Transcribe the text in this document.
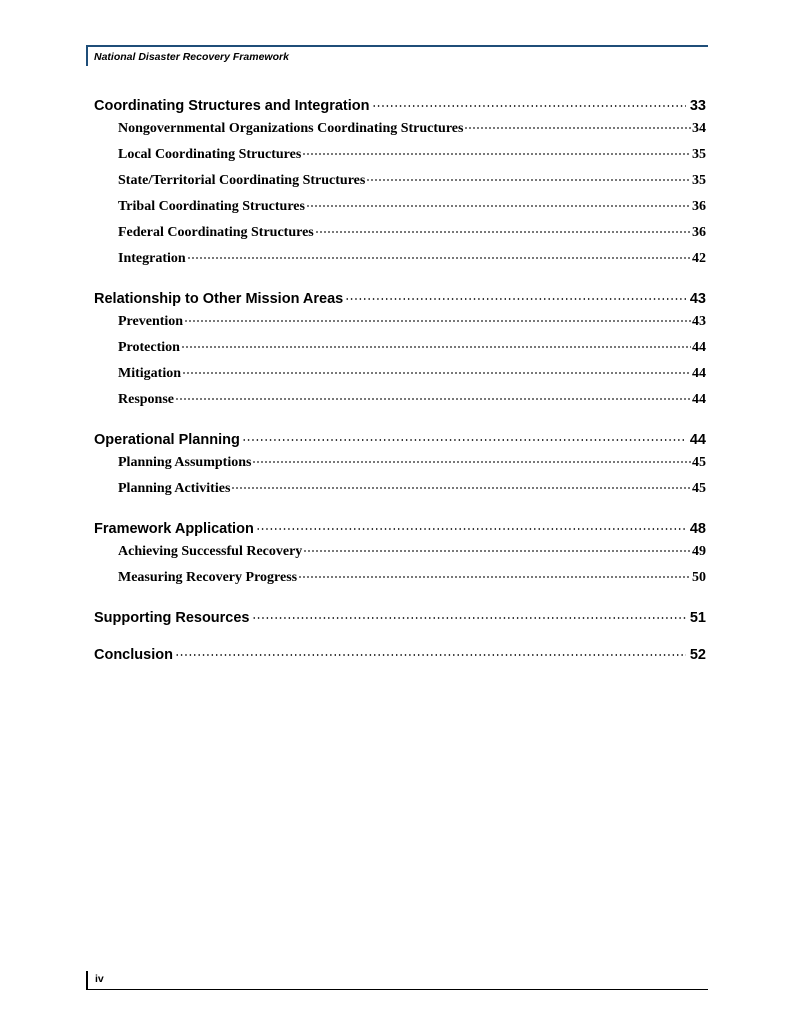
National Disaster Recovery Framework
Coordinating Structures and Integration	33
Nongovernmental Organizations Coordinating Structures	34
Local Coordinating Structures	35
State/Territorial Coordinating Structures	35
Tribal Coordinating Structures	36
Federal Coordinating Structures	36
Integration	42
Relationship to Other Mission Areas	43
Prevention	43
Protection	44
Mitigation	44
Response	44
Operational Planning	44
Planning Assumptions	45
Planning Activities	45
Framework Application	48
Achieving Successful Recovery	49
Measuring Recovery Progress	50
Supporting Resources	51
Conclusion	52
iv
